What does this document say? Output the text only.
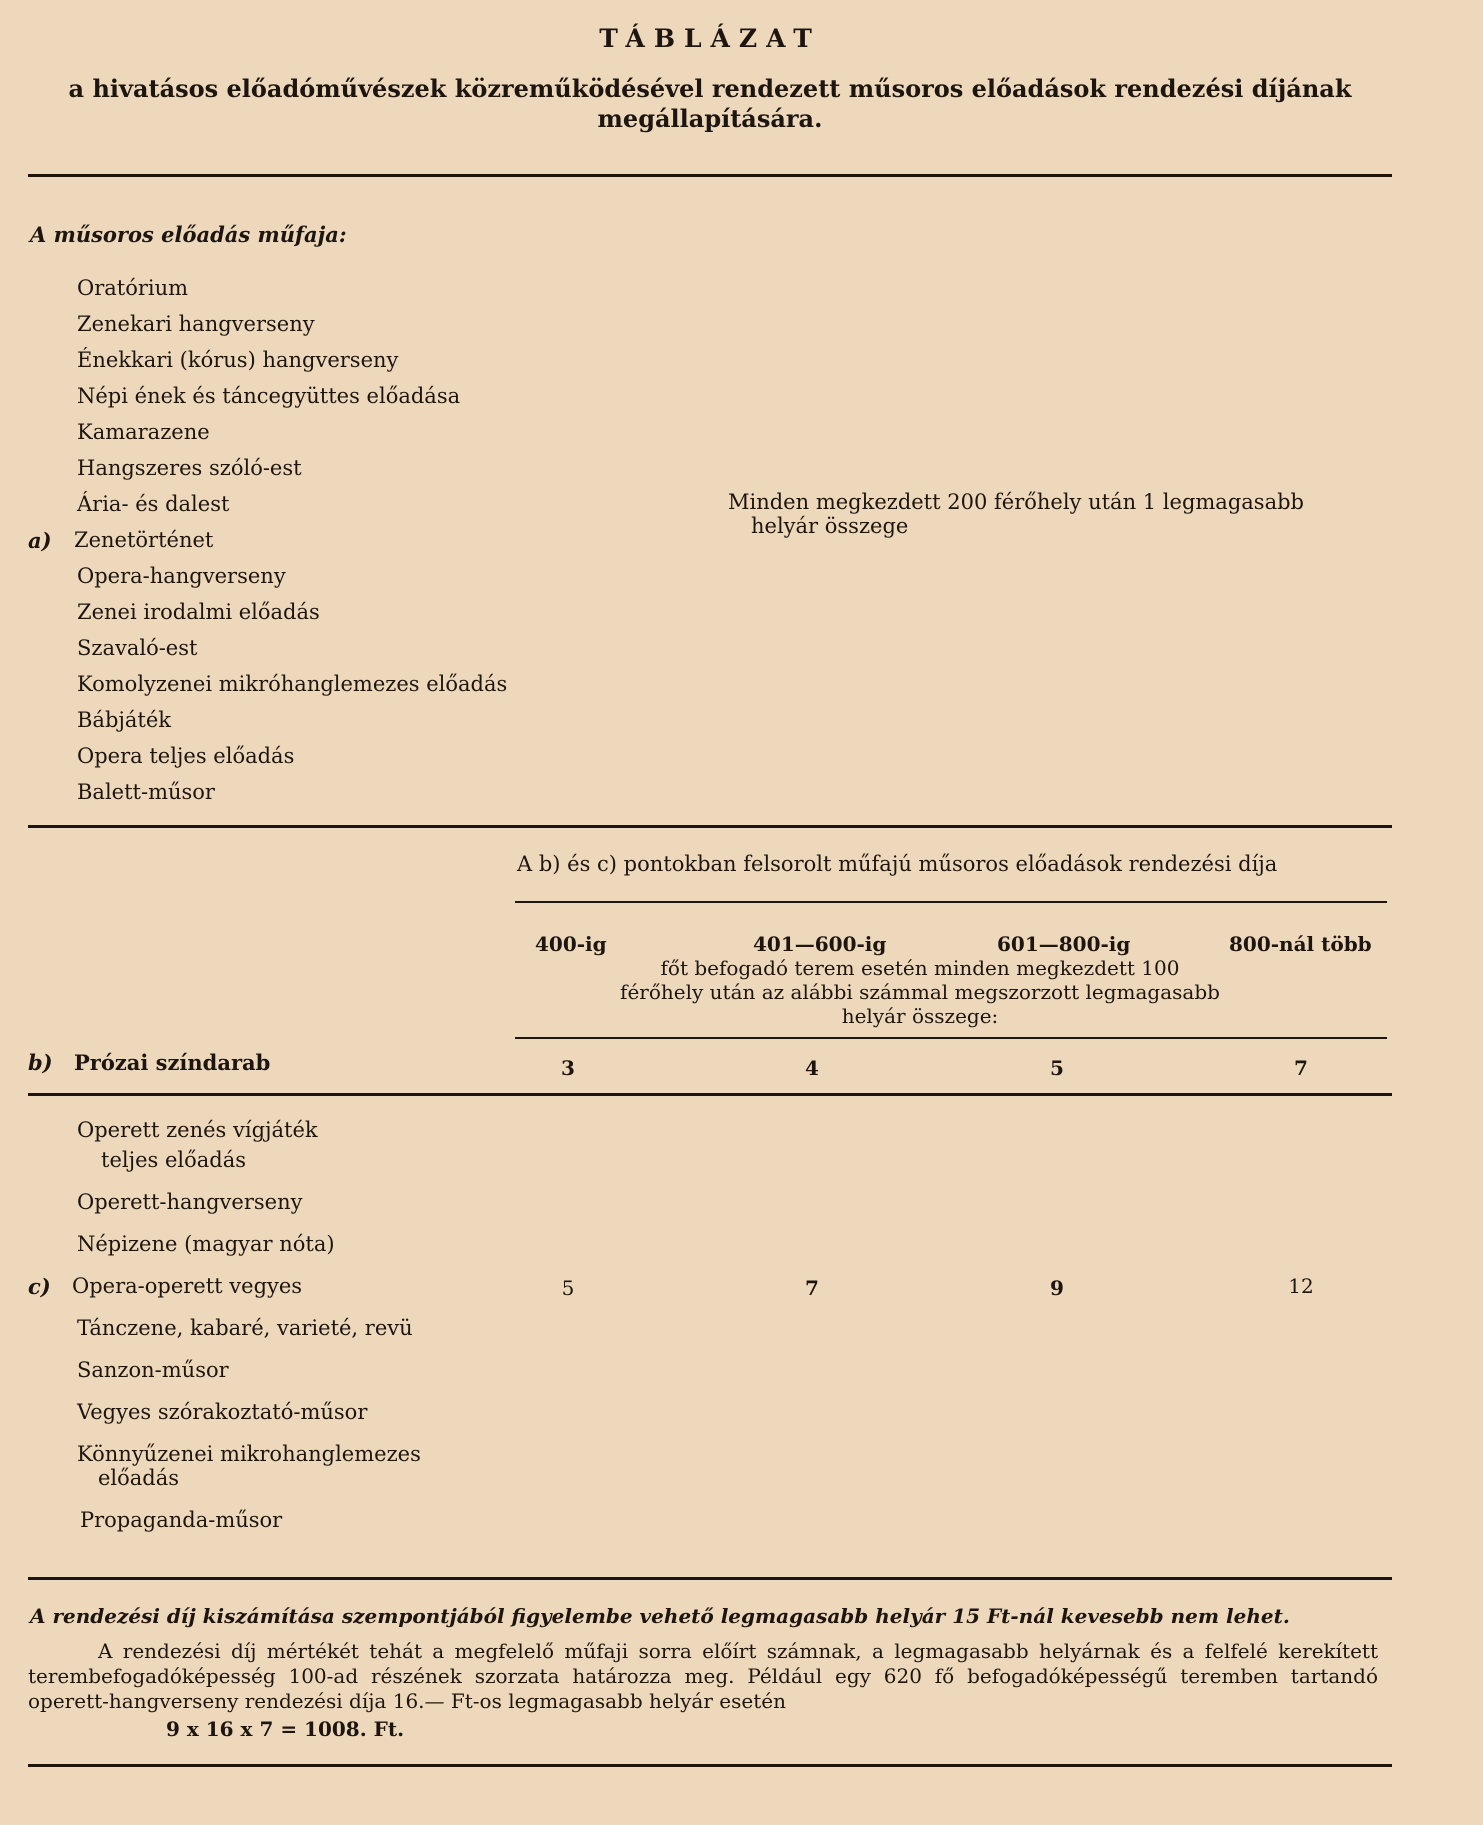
TÁBLÁZAT
a hivatásos előadóművészek közreműködésével rendezett műsoros előadások rendezési díjának megállapítására.
A műsoros előadás műfaja:
Oratórium
Zenekari hangverseny
Énekkari (kórus) hangverseny
Népi ének és táncegyüttes előadása
Kamarazene
Hangszeres szóló-est
Ária- és dalest
a) Zenetörténet
Opera-hangverseny
Zenei irodalmi előadás
Szavaló-est
Komolyzenei mikróhanglemezes előadás
Bábjáték
Opera teljes előadás
Balett-műsor
Minden megkezdett 200 férőhely után 1 legmagasabb
helyár összege
A b) és c) pontokban felsorolt műfajú műsoros előadások rendezési díja
400-ig	401—600-ig	601—800-ig	800-nál több
főt befogadó terem esetén minden megkezdett 100 férőhely után az alábbi számmal megszorzott legmagasabb helyár összege:
b) Prózai színdarab	3	4	5	7
Operett zenés vígjáték
teljes előadás
Operett-hangverseny
Népizene (magyar nóta)
c) Opera-operett vegyes
Tánczene, kabaré, varieté, revü
Sanzon-műsor
Vegyes szórakoztató-műsor
Könnyűzenei mikrohanglemezes
előadás
Propaganda-műsor
5	7	9	12
A rendezési díj kiszámítása szempontjából figyelembe vehető legmagasabb helyár 15 Ft-nál kevesebb nem lehet.
A rendezési díj mértékét tehát a megfelelő műfaji sorra előírt számnak, a legmagasabb helyárnak és a felfelé kerekített terembefogadóképesség 100-ad részének szorzata határozza meg. Például egy 620 fő befogadóképességű teremben tartandó operett-hangverseny rendezési díja 16.— Ft-os legmagasabb helyár esetén
9 x 16 x 7 = 1008. Ft.
